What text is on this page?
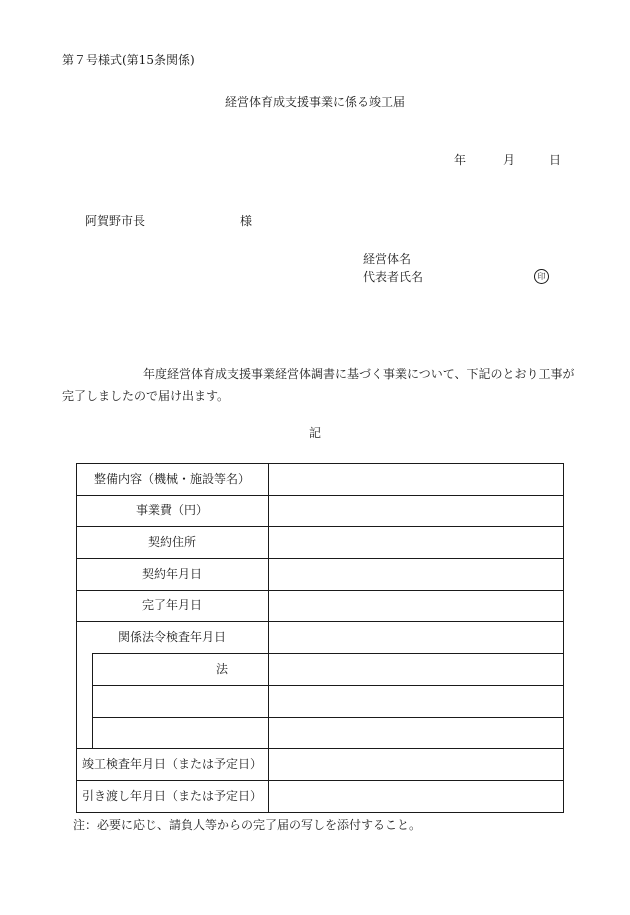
第７号様式(第15条関係)
経営体育成支援事業に係る竣工届
年	月	日
阿賀野市長	様
経営体名
代表者氏名	印
年度経営体育成支援事業経営体調書に基づく事業について、下記のとおり工事が
完了しましたので届け出ます。
記
整備内容（機械・施設等名）
事業費（円）
契約住所
契約年月日
完了年月日
関係法令検査年月日
法
竣工検査年月日（または予定日）
引き渡し年月日（または予定日）
注：必要に応じ、請負人等からの完了届の写しを添付すること。
